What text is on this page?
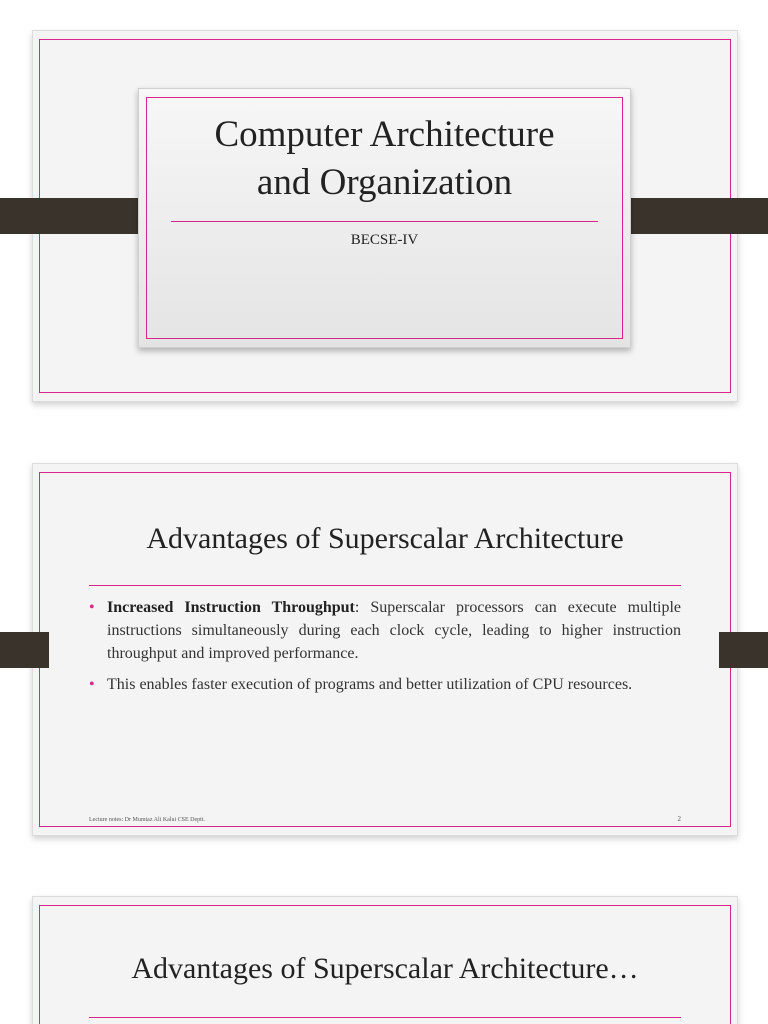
Computer Architecture
and Organization
BECSE-IV
Advantages of Superscalar Architecture
• Increased Instruction Throughput: Superscalar processors can execute multiple instructions simultaneously during each clock cycle, leading to higher instruction throughput and improved performance.
• This enables faster execution of programs and better utilization of CPU resources.
Lecture notes: Dr Mumtaz Ali Kalui CSE Deptt.	2
Advantages of Superscalar Architecture…
